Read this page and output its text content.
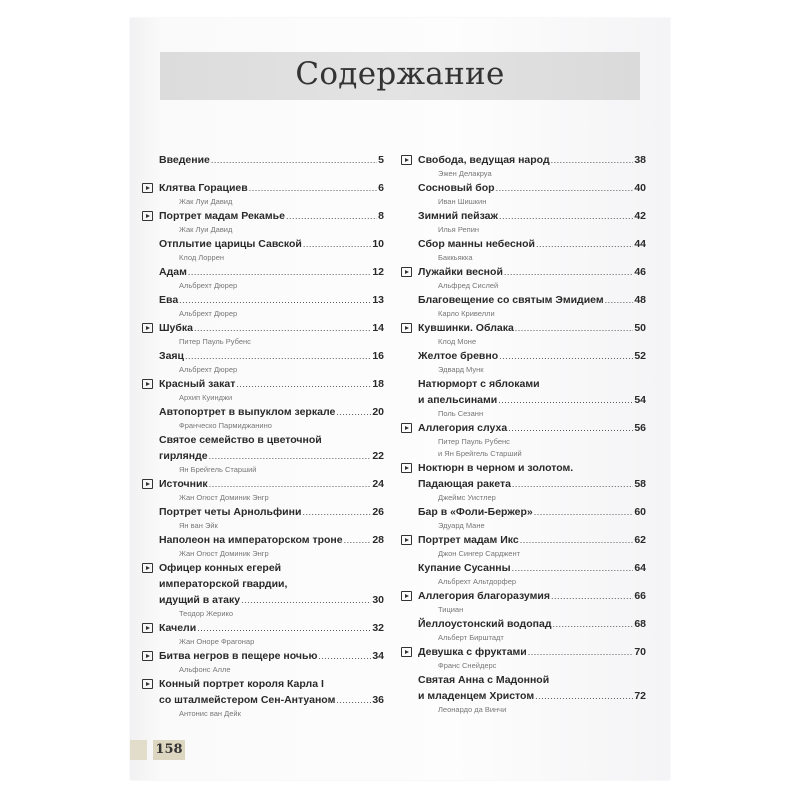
Содержание
Введение .....	5
Клятва Горациев .....	6
Жак Луи Давид
Портрет мадам Рекамье .....	8
Жак Луи Давид
Отплытие царицы Савской .....	10
Клод Лоррен
Адам .....	12
Альбрехт Дюрер
Ева .....	13
Альбрехт Дюрер
Шубка .....	14
Питер Пауль Рубенс
Заяц .....	16
Альбрехт Дюрер
Красный закат .....	18
Архип Куинджи
Автопортрет в выпуклом зеркале .....	20
Франческо Пармиджанино
Святое семейство в цветочной
гирлянде .....	22
Ян Брейгель Старший
Источник .....	24
Жан Огюст Доминик Энгр
Портрет четы Арнольфини .....	26
Ян ван Эйк
Наполеон на императорском троне .....	28
Жан Огюст Доминик Энгр
Офицер конных егерей
императорской гвардии,
идущий в атаку .....	30
Теодор Жерико
Качели .....	32
Жан Оноре Фрагонар
Битва негров в пещере ночью .....	34
Альфонс Алле
Конный портрет короля Карла I
со шталмейстером Сен-Антуаном .....	36
Антонис ван Дейк
Свобода, ведущая народ .....	38
Эжен Делакруа
Сосновый бор .....	40
Иван Шишкин
Зимний пейзаж .....	42
Илья Репин
Сбор манны небесной .....	44
Баккьякка
Лужайки весной .....	46
Альфред Сислей
Благовещение со святым Эмидием .....	48
Карло Кривелли
Кувшинки. Облака .....	50
Клод Моне
Желтое бревно .....	52
Эдвард Мунк
Натюрморт с яблоками
и апельсинами .....	54
Поль Сезанн
Аллегория слуха .....	56
Питер Пауль Рубенс
и Ян Брейгель Старший
Ноктюрн в черном и золотом.
Падающая ракета .....	58
Джеймс Уистлер
Бар в «Фоли-Бержер» .....	60
Эдуард Мане
Портрет мадам Икс .....	62
Джон Сингер Сарджент
Купание Сусанны .....	64
Альбрехт Альтдорфер
Аллегория благоразумия .....	66
Тициан
Йеллоустонский водопад .....	68
Альберт Бирштадт
Девушка с фруктами .....	70
Франс Снейдерс
Святая Анна с Мадонной
и младенцем Христом .....	72
Леонардо да Винчи
158
